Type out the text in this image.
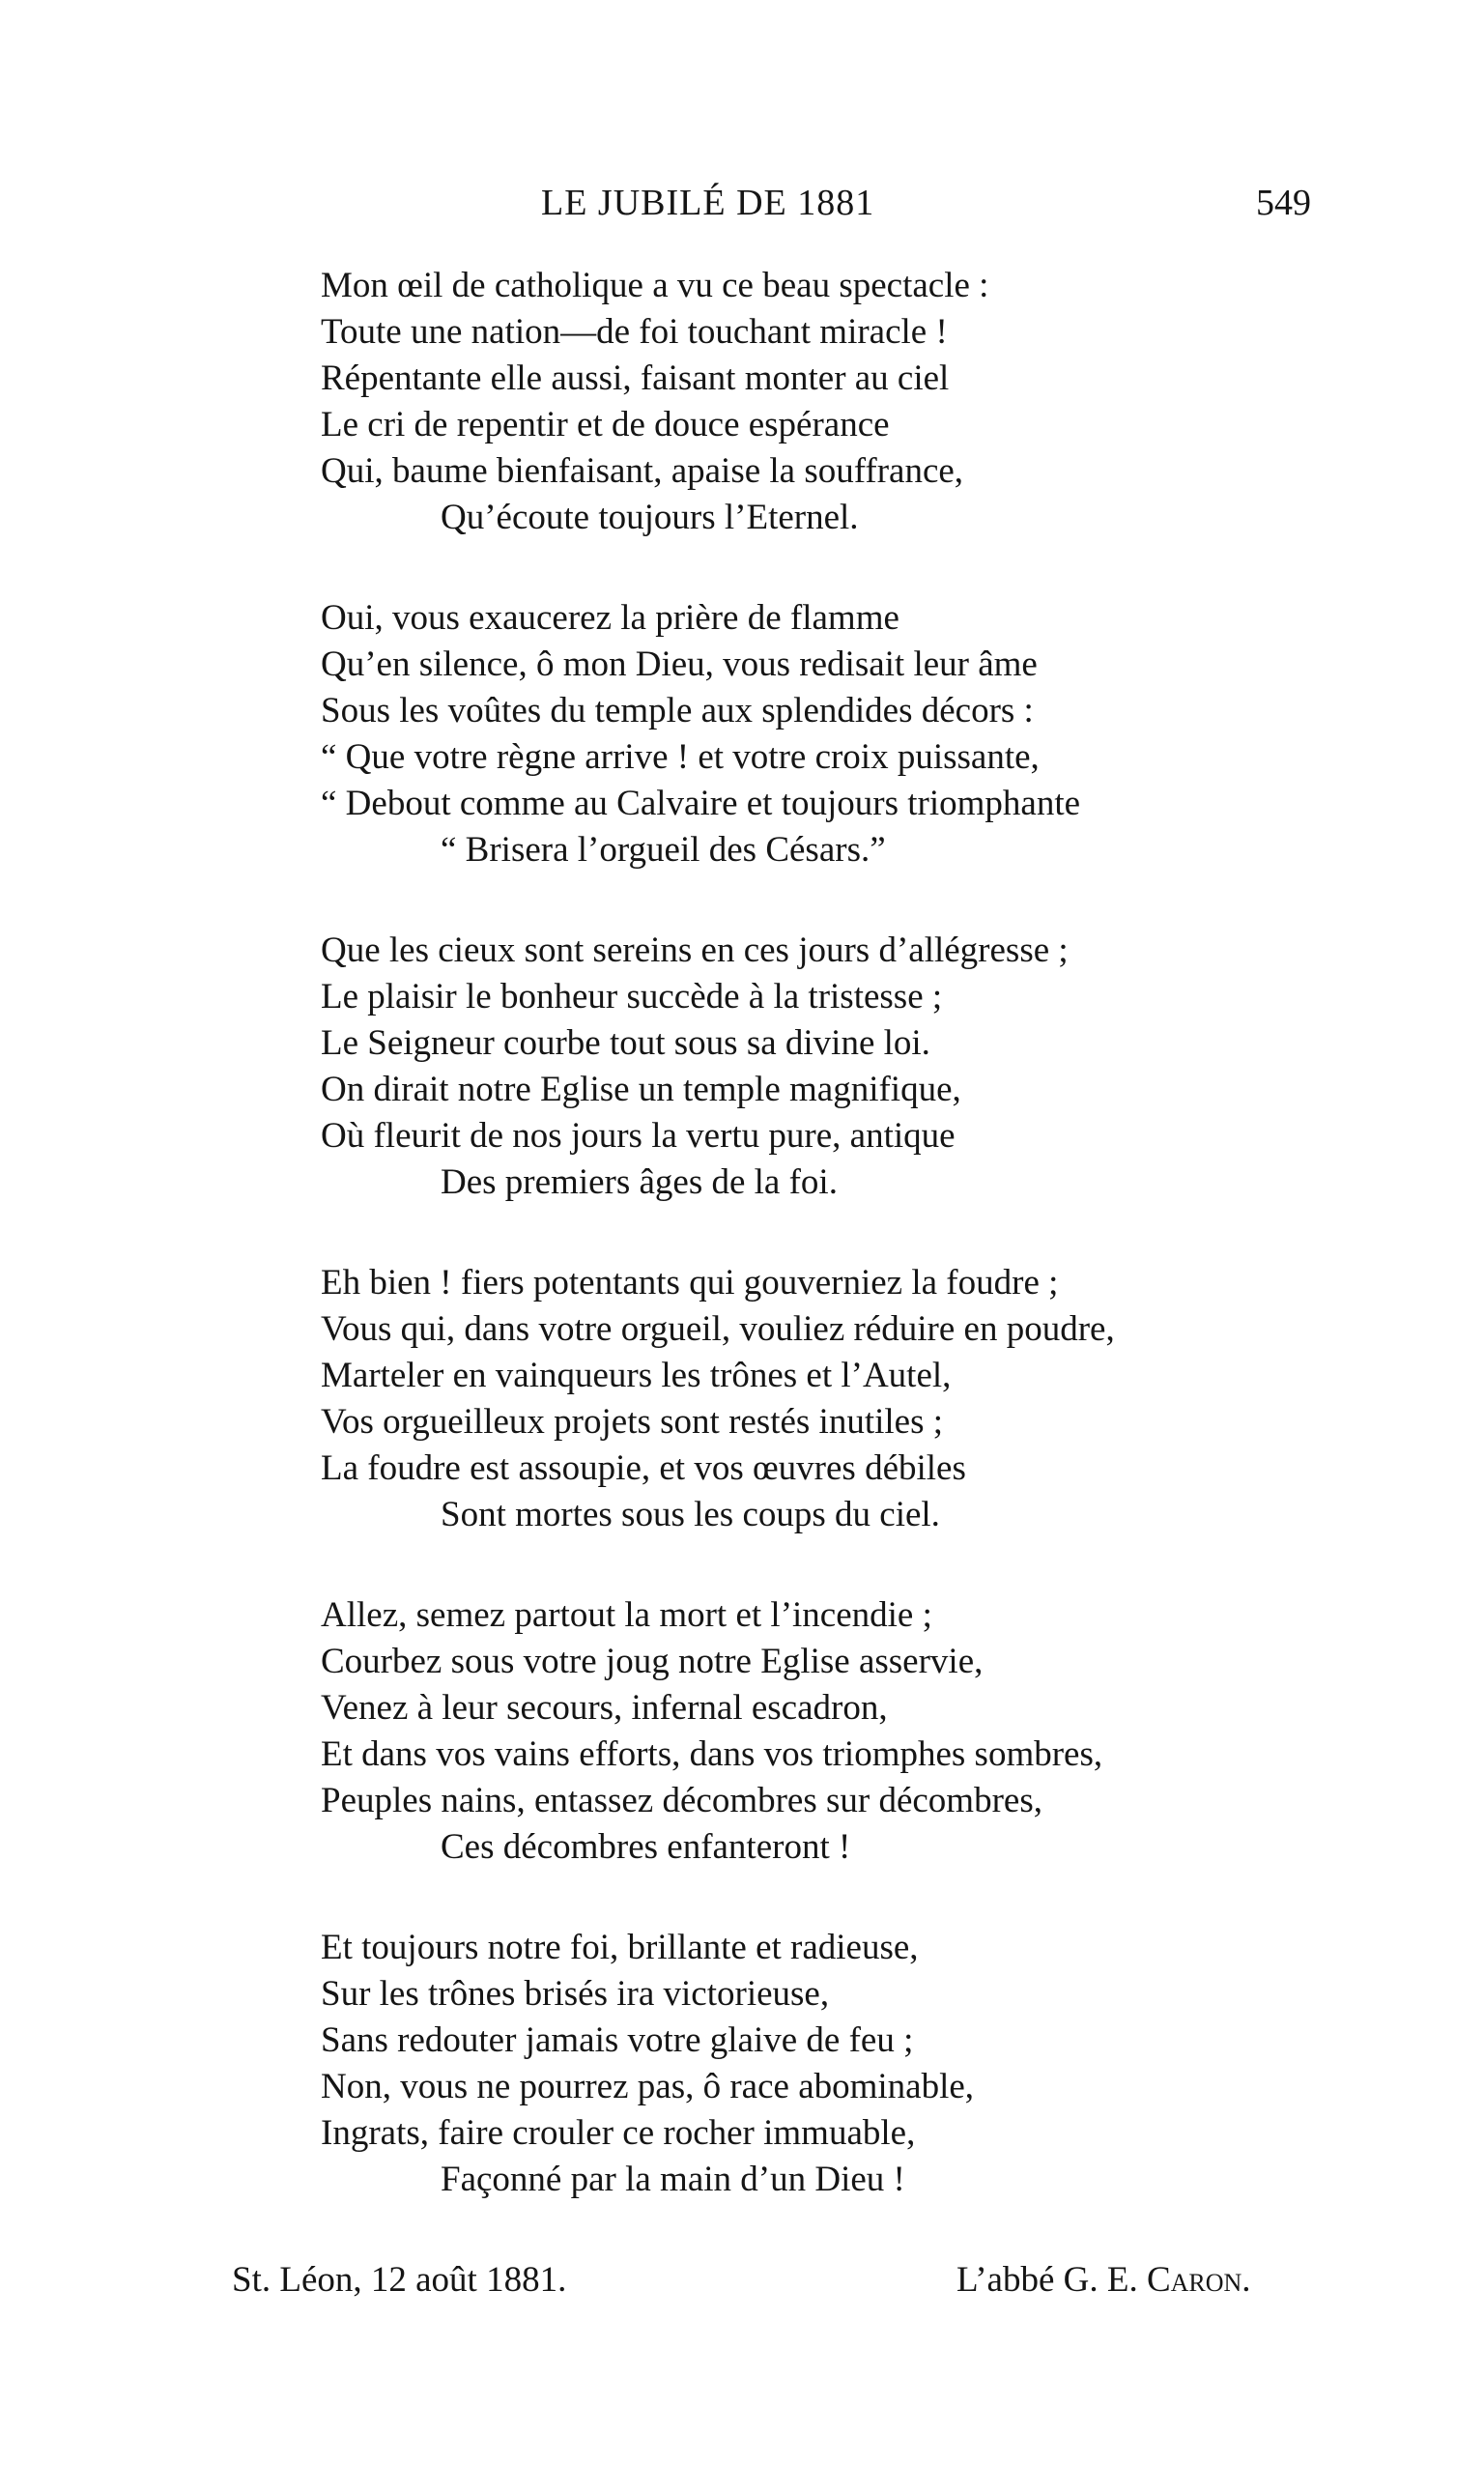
LE JUBILÉ DE 1881	549
Mon œil de catholique a vu ce beau spectacle :
Toute une nation—de foi touchant miracle !
Répentante elle aussi, faisant monter au ciel
Le cri de repentir et de douce espérance
Qui, baume bienfaisant, apaise la souffrance,
Qu’écoute toujours l’Eternel.
Oui, vous exaucerez la prière de flamme
Qu’en silence, ô mon Dieu, vous redisait leur âme
Sous les voûtes du temple aux splendides décors :
“ Que votre règne arrive ! et votre croix puissante,
“ Debout comme au Calvaire et toujours triomphante
“ Brisera l’orgueil des Césars.”
Que les cieux sont sereins en ces jours d’allégresse ;
Le plaisir le bonheur succède à la tristesse ;
Le Seigneur courbe tout sous sa divine loi.
On dirait notre Eglise un temple magnifique,
Où fleurit de nos jours la vertu pure, antique
Des premiers âges de la foi.
Eh bien ! fiers potentants qui gouverniez la foudre ;
Vous qui, dans votre orgueil, vouliez réduire en poudre,
Marteler en vainqueurs les trônes et l’Autel,
Vos orgueilleux projets sont restés inutiles ;
La foudre est assoupie, et vos œuvres débiles
Sont mortes sous les coups du ciel.
Allez, semez partout la mort et l’incendie ;
Courbez sous votre joug notre Eglise asservie,
Venez à leur secours, infernal escadron,
Et dans vos vains efforts, dans vos triomphes sombres,
Peuples nains, entassez décombres sur décombres,
Ces décombres enfanteront !
Et toujours notre foi, brillante et radieuse,
Sur les trônes brisés ira victorieuse,
Sans redouter jamais votre glaive de feu ;
Non, vous ne pourrez pas, ô race abominable,
Ingrats, faire crouler ce rocher immuable,
Façonné par la main d’un Dieu !
St. Léon, 12 août 1881.	L’abbé G. E. Caron.
